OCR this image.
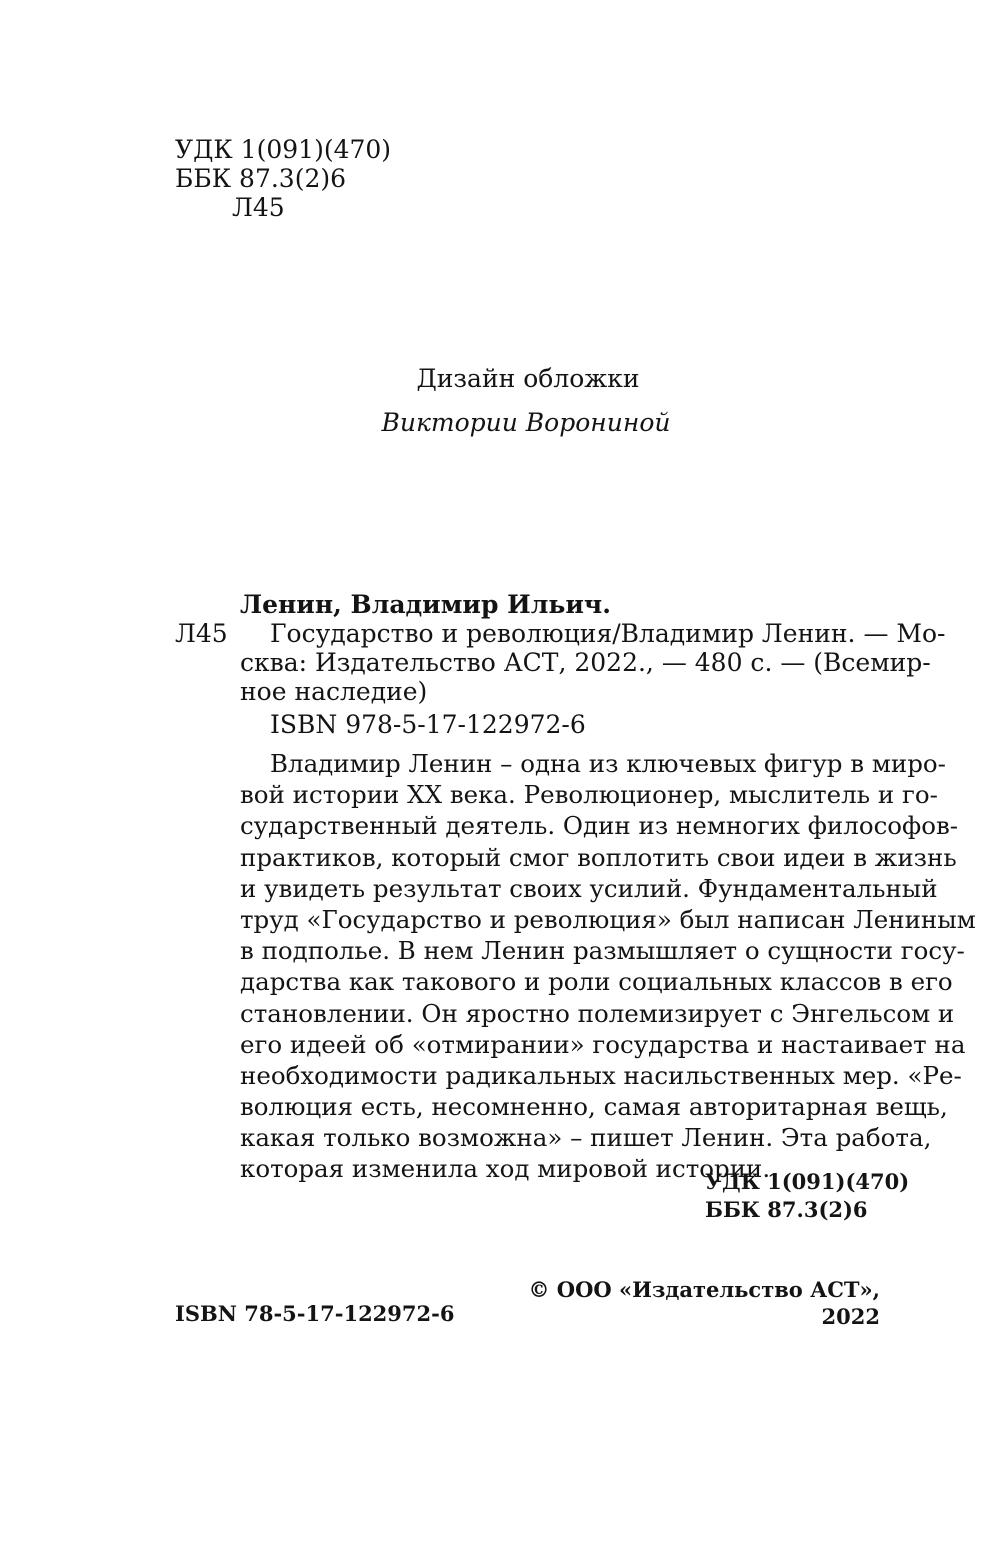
УДК 1(091)(470)
ББК 87.3(2)6
Л45
Дизайн обложки
Виктории Ворониной
Ленин, Владимир Ильич.
Л45 Государство и революция/Владимир Ленин. — Мо-
сква: Издательство АСТ, 2022., — 480 с. — (Всемир-
ное наследие)
ISBN 978-5-17-122972-6
Владимир Ленин – одна из ключевых фигур в миро-
вой истории XX века. Революционер, мыслитель и го-
сударственный деятель. Один из немногих философов-
практиков, который смог воплотить свои идеи в жизнь
и увидеть результат своих усилий. Фундаментальный
труд «Государство и революция» был написан Лениным
в подполье. В нем Ленин размышляет о сущности госу-
дарства как такового и роли социальных классов в его
становлении. Он яростно полемизирует с Энгельсом и
его идеей об «отмирании» государства и настаивает на
необходимости радикальных насильственных мер. «Ре-
волюция есть, несомненно, самая авторитарная вещь,
какая только возможна» – пишет Ленин. Эта работа,
которая изменила ход мировой истории.
УДК 1(091)(470)
ББК 87.3(2)6
ISBN 78-5-17-122972-6
© ООО «Издательство АСТ»,
2022
